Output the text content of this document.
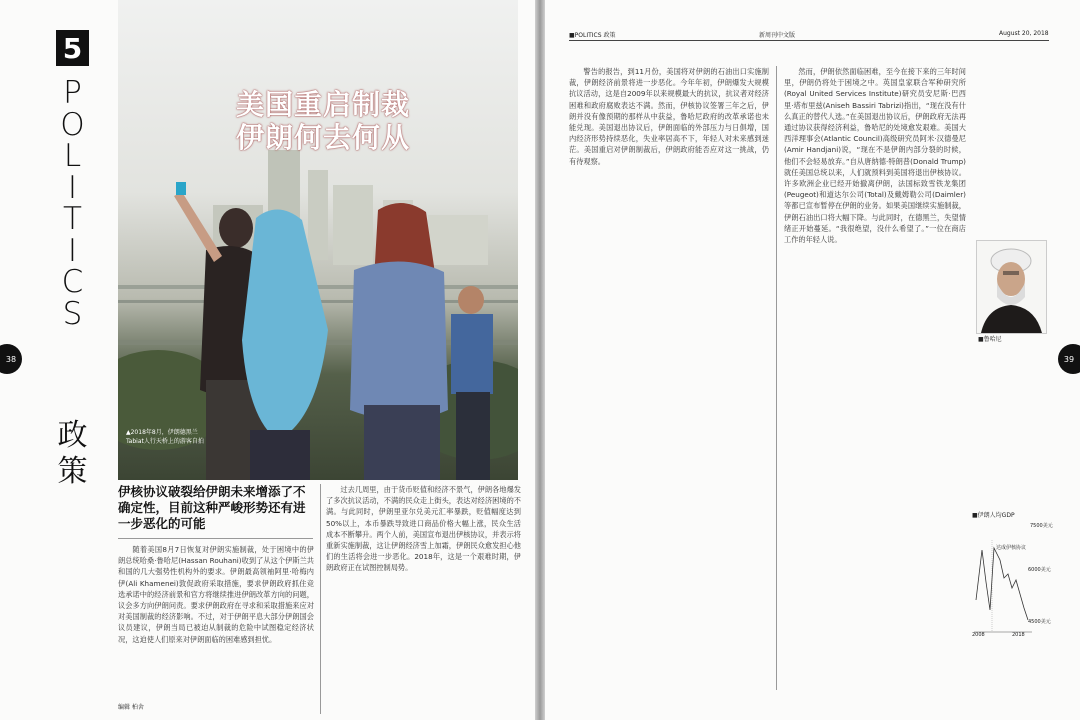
5
P
O
L
I
T
I
C
S
政
策
38
美国重启制裁
伊朗何去何从
▲2018年8月，伊朗德黑兰 Tabiat人行天桥上的游客自拍
伊核协议破裂给伊朗未来增添了不确定性，目前这种严峻形势还有进一步恶化的可能

随着美国8月7日恢复对伊朗实施制裁，处于困境中的伊朗总统哈桑·鲁哈尼(Hassan Rouhani)收到了从这个伊斯兰共和国的几大强势性机构外的要求。伊朗最高领袖阿里·哈梅内伊(Ali Khamenei)敦促政府采取措施，要求伊朗政府抓住竞选承诺中的经济前景和官方将继续推进伊朗改革方向的问题，议会多方向伊朗问责。要求伊朗政府在寻求和采取措施来应对对美国制裁的经济影响。不过，对于伊朗平息大部分伊朗国会议员建议，伊朗当局已被迫从制裁的危险中试图稳定经济状况，这迫使人们原来对伊朗面临的困难感到担忧。

过去几周里，由于货币贬值和经济不景气，伊朗各地爆发了多次抗议活动，不满的民众走上街头，表达对经济困境的不满。与此同时，伊朗里亚尔兑美元汇率暴跌，贬值幅度达到50%以上，本币暴跌导致进口商品价格大幅上涨，民众生活成本不断攀升。两个人前，美国宣布退出伊核协议，并表示将重新实施制裁，这让伊朗经济雪上加霜，伊朗民众愈发担心他们的生活将会进一步恶化。2018年，这是一个艰难时期，伊朗政府正在试图控制局势。

编辑 柏舍
■POLITICS 政策	新周刊中文版	August 20, 2018

警告的报告，到11月份，美国将对伊朗的石油出口实施制裁，伊朗经济前景将进一步恶化。今年年初，伊朗爆发大规模抗议活动，这是自2009年以来规模最大的抗议，抗议者对经济困难和政府腐败表达不满。然而，伊核协议签署三年之后，伊朗并没有像预期的那样从中获益，鲁哈尼政府的改革承诺也未能兑现。美国退出协议后，伊朗面临的外部压力与日俱增，国内经济形势持续恶化，失业率居高不下，年轻人对未来感到迷茫。美国重启对伊朗制裁后，伊朗政府能否应对这一挑战，仍有待观察。

然而，伊朗依然面临困难，至今在接下来的三年时间里，伊朗仍将处于困境之中。英国皇家联合军种研究所(Royal United Services Institute)研究员安尼斯·巴西里·塔布里兹(Aniseh Bassiri Tabrizi)指出，“现在没有什么真正的替代人选。”在美国退出协议后，伊朗政府无法再通过协议获得经济利益，鲁哈尼的处境愈发艰难。美国大西洋理事会(Atlantic Council)高级研究员阿米·汉德曼尼(Amir Handjani)说，“现在不是伊朗内部分裂的时候，他们不会轻易放弃。”自从唐纳德·特朗普(Donald Trump)就任美国总统以来，人们就预料到美国将退出伊核协议。许多欧洲企业已经开始撤离伊朗，法国标致雪铁龙集团(Peugeot)和道达尔公司(Total)及戴姆勒公司(Daimler)等都已宣布暂停在伊朗的业务。如果美国继续实施制裁，伊朗石油出口将大幅下降。与此同时，在德黑兰，失望情绪正开始蔓延。“我很绝望，没什么希望了。”一位在商店工作的年轻人说。

39
■鲁哈尼
■伊朗人均GDP
7500美元
达成伊核协议
6000美元
4500美元
2008	2018
